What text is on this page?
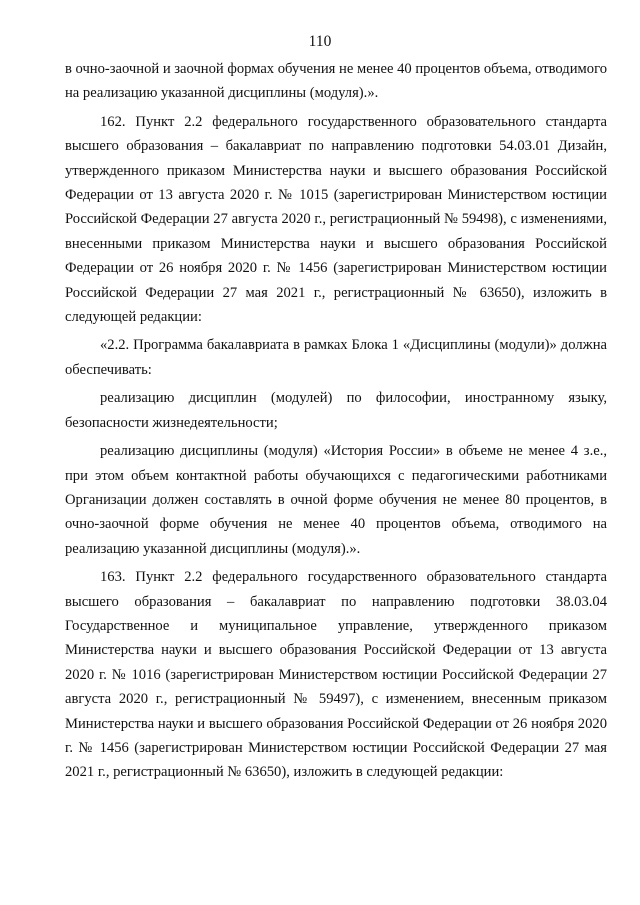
110

в очно-заочной и заочной формах обучения не менее 40 процентов объема, отводимого на реализацию указанной дисциплины (модуля).».

162. Пункт 2.2 федерального государственного образовательного стандарта высшего образования – бакалавриат по направлению подготовки 54.03.01 Дизайн, утвержденного приказом Министерства науки и высшего образования Российской Федерации от 13 августа 2020 г. № 1015 (зарегистрирован Министерством юстиции Российской Федерации 27 августа 2020 г., регистрационный № 59498), с изменениями, внесенными приказом Министерства науки и высшего образования Российской Федерации от 26 ноября 2020 г. № 1456 (зарегистрирован Министерством юстиции Российской Федерации 27 мая 2021 г., регистрационный № 63650), изложить в следующей редакции:

«2.2. Программа бакалавриата в рамках Блока 1 «Дисциплины (модули)» должна обеспечивать:

реализацию дисциплин (модулей) по философии, иностранному языку, безопасности жизнедеятельности;

реализацию дисциплины (модуля) «История России» в объеме не менее 4 з.е., при этом объем контактной работы обучающихся с педагогическими работниками Организации должен составлять в очной форме обучения не менее 80 процентов, в очно-заочной форме обучения не менее 40 процентов объема, отводимого на реализацию указанной дисциплины (модуля).».

163. Пункт 2.2 федерального государственного образовательного стандарта высшего образования – бакалавриат по направлению подготовки 38.03.04 Государственное и муниципальное управление, утвержденного приказом Министерства науки и высшего образования Российской Федерации от 13 августа 2020 г. № 1016 (зарегистрирован Министерством юстиции Российской Федерации 27 августа 2020 г., регистрационный № 59497), с изменением, внесенным приказом Министерства науки и высшего образования Российской Федерации от 26 ноября 2020 г. № 1456 (зарегистрирован Министерством юстиции Российской Федерации 27 мая 2021 г., регистрационный № 63650), изложить в следующей редакции:
